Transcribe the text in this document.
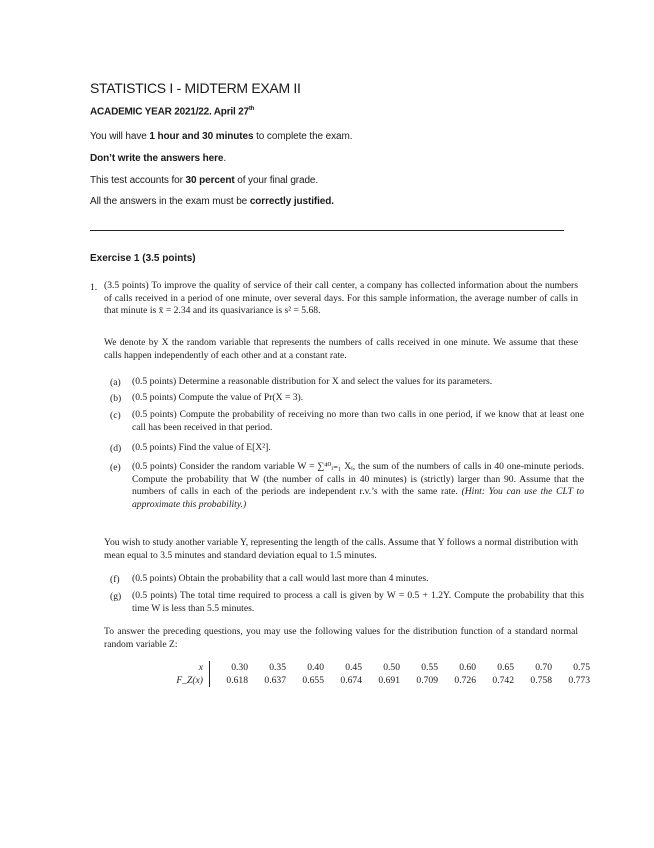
STATISTICS I - MIDTERM EXAM II
ACADEMIC YEAR 2021/22. April 27th
You will have 1 hour and 30 minutes to complete the exam.
Don’t write the answers here.
This test accounts for 30 percent of your final grade.
All the answers in the exam must be correctly justified.
Exercise 1 (3.5 points)
1. (3.5 points) To improve the quality of service of their call center, a company has collected information about the numbers of calls received in a period of one minute, over several days. For this sample information, the average number of calls in that minute is x̄ = 2.34 and its quasivariance is s² = 5.68.
We denote by X the random variable that represents the numbers of calls received in one minute. We assume that these calls happen independently of each other and at a constant rate.
(a) (0.5 points) Determine a reasonable distribution for X and select the values for its parameters.
(b) (0.5 points) Compute the value of Pr(X = 3).
(c) (0.5 points) Compute the probability of receiving no more than two calls in one period, if we know that at least one call has been received in that period.
(d) (0.5 points) Find the value of E[X²].
(e) (0.5 points) Consider the random variable W = ∑⁴⁰ᵢ₌₁ Xᵢ, the sum of the numbers of calls in 40 one-minute periods. Compute the probability that W (the number of calls in 40 minutes) is (strictly) larger than 90. Assume that the numbers of calls in each of the periods are independent r.v.’s with the same rate. (Hint: You can use the CLT to approximate this probability.)
You wish to study another variable Y, representing the length of the calls. Assume that Y follows a normal distribution with mean equal to 3.5 minutes and standard deviation equal to 1.5 minutes.
(f) (0.5 points) Obtain the probability that a call would last more than 4 minutes.
(g) (0.5 points) The total time required to process a call is given by W = 0.5 + 1.2Y. Compute the probability that this time W is less than 5.5 minutes.
To answer the preceding questions, you may use the following values for the distribution function of a standard normal random variable Z:
x	0.30	0.35	0.40	0.45	0.50	0.55	0.60	0.65	0.70	0.75
F_Z(x)	0.618	0.637	0.655	0.674	0.691	0.709	0.726	0.742	0.758	0.773
